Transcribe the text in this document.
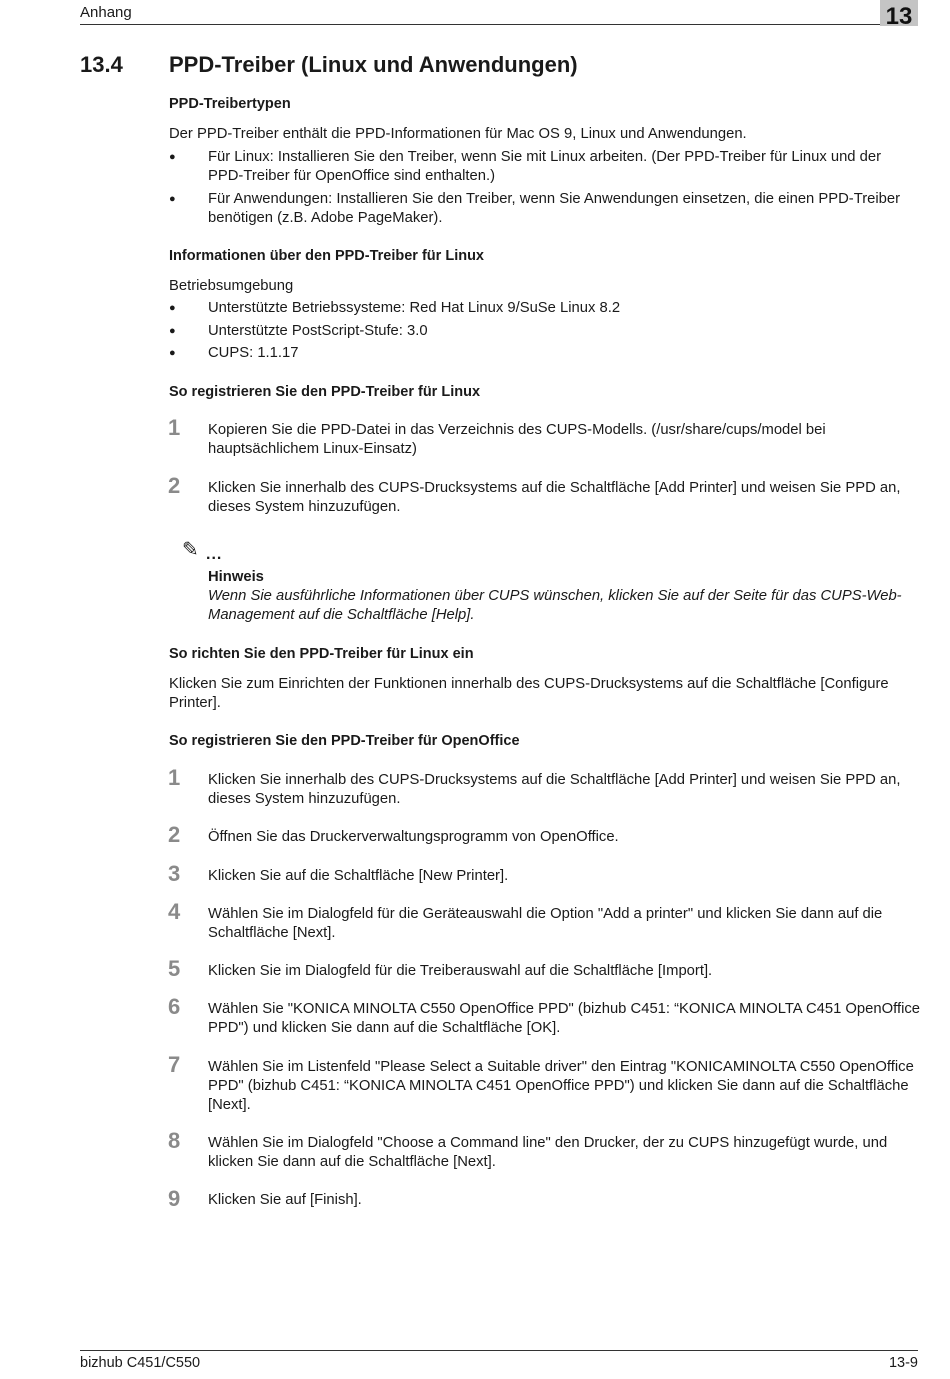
Anhang	13
13.4 PPD-Treiber (Linux und Anwendungen)
PPD-Treibertypen
Der PPD-Treiber enthält die PPD-Informationen für Mac OS 9, Linux und Anwendungen.
● Für Linux: Installieren Sie den Treiber, wenn Sie mit Linux arbeiten. (Der PPD-Treiber für Linux und der PPD-Treiber für OpenOffice sind enthalten.)
● Für Anwendungen: Installieren Sie den Treiber, wenn Sie Anwendungen einsetzen, die einen PPD-Treiber benötigen (z.B. Adobe PageMaker).
Informationen über den PPD-Treiber für Linux
Betriebsumgebung
● Unterstützte Betriebssysteme: Red Hat Linux 9/SuSe Linux 8.2
● Unterstützte PostScript-Stufe: 3.0
● CUPS: 1.1.17
So registrieren Sie den PPD-Treiber für Linux
1 Kopieren Sie die PPD-Datei in das Verzeichnis des CUPS-Modells. (/usr/share/cups/model bei hauptsächlichem Linux-Einsatz)
2 Klicken Sie innerhalb des CUPS-Drucksystems auf die Schaltfläche [Add Printer] und weisen Sie PPD an, dieses System hinzuzufügen.
✎ ...
Hinweis
Wenn Sie ausführliche Informationen über CUPS wünschen, klicken Sie auf der Seite für das CUPS-Web-Management auf die Schaltfläche [Help].
So richten Sie den PPD-Treiber für Linux ein
Klicken Sie zum Einrichten der Funktionen innerhalb des CUPS-Drucksystems auf die Schaltfläche [Configure Printer].
So registrieren Sie den PPD-Treiber für OpenOffice
1 Klicken Sie innerhalb des CUPS-Drucksystems auf die Schaltfläche [Add Printer] und weisen Sie PPD an, dieses System hinzuzufügen.
2 Öffnen Sie das Druckerverwaltungsprogramm von OpenOffice.
3 Klicken Sie auf die Schaltfläche [New Printer].
4 Wählen Sie im Dialogfeld für die Geräteauswahl die Option "Add a printer" und klicken Sie dann auf die Schaltfläche [Next].
5 Klicken Sie im Dialogfeld für die Treiberauswahl auf die Schaltfläche [Import].
6 Wählen Sie "KONICA MINOLTA C550 OpenOffice PPD" (bizhub C451: “KONICA MINOLTA C451 OpenOffice PPD") und klicken Sie dann auf die Schaltfläche [OK].
7 Wählen Sie im Listenfeld "Please Select a Suitable driver" den Eintrag "KONICAMINOLTA C550 OpenOffice PPD" (bizhub C451: “KONICA MINOLTA C451 OpenOffice PPD") und klicken Sie dann auf die Schaltfläche [Next].
8 Wählen Sie im Dialogfeld "Choose a Command line" den Drucker, der zu CUPS hinzugefügt wurde, und klicken Sie dann auf die Schaltfläche [Next].
9 Klicken Sie auf [Finish].
bizhub C451/C550	13-9
